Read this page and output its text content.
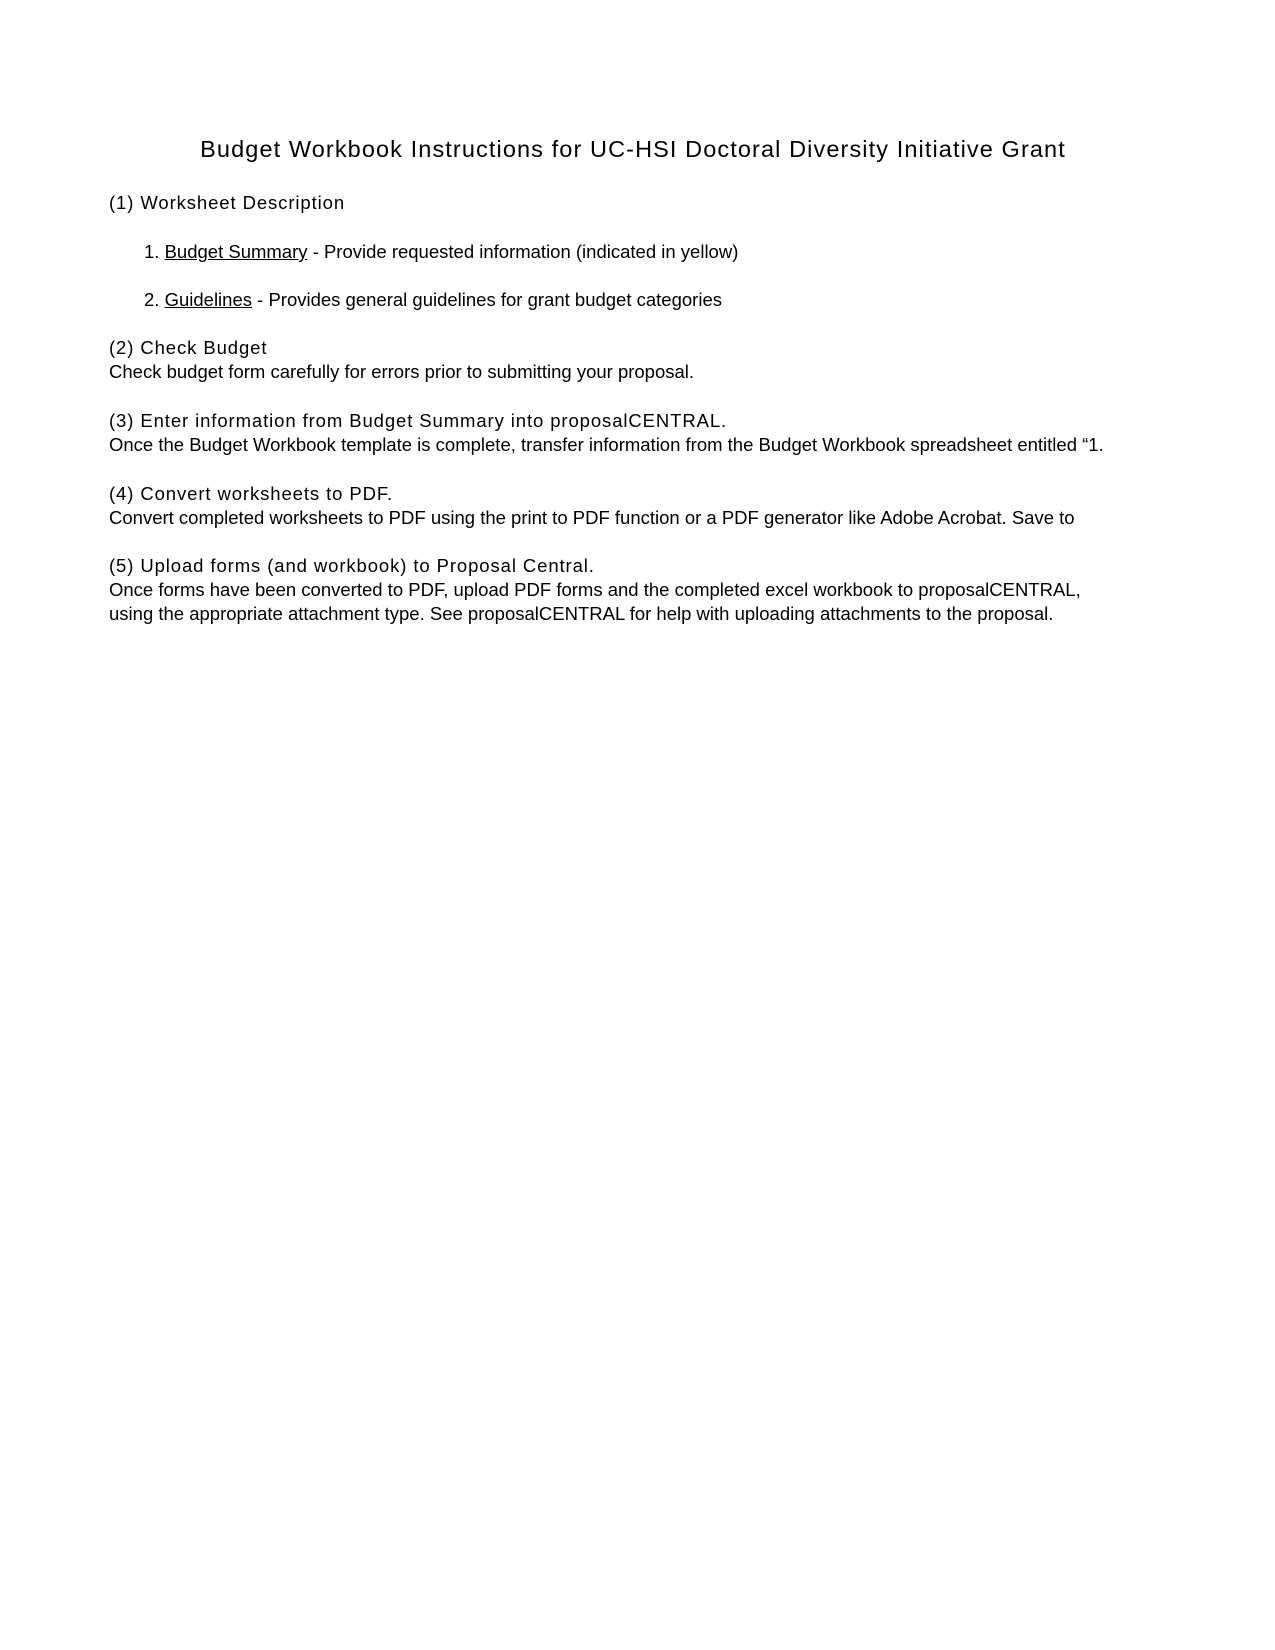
Budget Workbook Instructions for UC-HSI Doctoral Diversity Initiative Grant
(1) Worksheet Description
1. Budget Summary - Provide requested information (indicated in yellow)
2. Guidelines - Provides general guidelines for grant budget categories
(2) Check Budget
Check budget form carefully for errors prior to submitting your proposal.
(3) Enter information from Budget Summary into proposalCENTRAL.
Once the Budget Workbook template is complete, transfer information from the Budget Workbook spreadsheet entitled “1.
(4) Convert worksheets to PDF.
Convert completed worksheets to PDF using the print to PDF function or a PDF generator like Adobe Acrobat. Save to
(5) Upload forms (and workbook) to Proposal Central.
Once forms have been converted to PDF, upload PDF forms and the completed excel workbook to proposalCENTRAL,
using the appropriate attachment type. See proposalCENTRAL for help with uploading attachments to the proposal.
